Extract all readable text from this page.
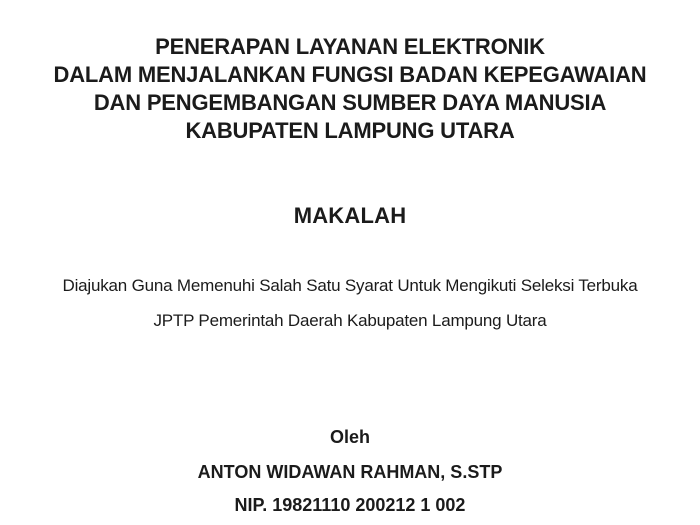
PENERAPAN LAYANAN ELEKTRONIK
DALAM MENJALANKAN FUNGSI BADAN KEPEGAWAIAN
DAN PENGEMBANGAN SUMBER DAYA MANUSIA
KABUPATEN LAMPUNG UTARA
MAKALAH
Diajukan Guna Memenuhi Salah Satu Syarat Untuk Mengikuti Seleksi Terbuka
JPTP Pemerintah Daerah Kabupaten Lampung Utara
Oleh
ANTON WIDAWAN RAHMAN, S.STP
NIP. 19821110 200212 1 002
